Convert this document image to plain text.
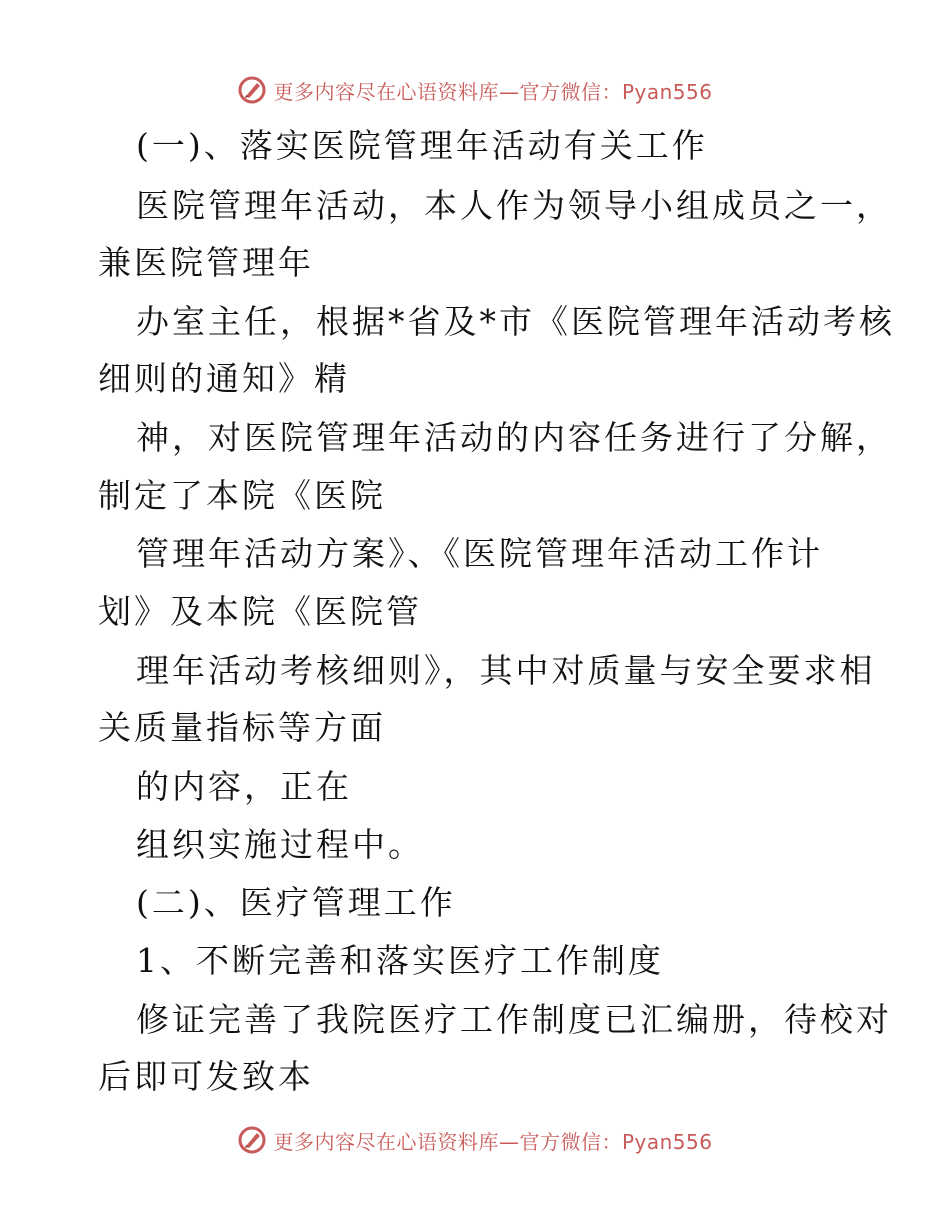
更多内容尽在心语资料库—官方微信：Pyan556
(一)、落实医院管理年活动有关工作
医院管理年活动，本人作为领导小组成员之一，
兼医院管理年
办室主任，根据*省及*市《医院管理年活动考核
细则的通知》精
神，对医院管理年活动的内容任务进行了分解，
制定了本院《医院
管理年活动方案》、《医院管理年活动工作计
划》及本院《医院管
理年活动考核细则》，其中对质量与安全要求相
关质量指标等方面
的内容，正在
组织实施过程中。
(二)、医疗管理工作
1、不断完善和落实医疗工作制度
修证完善了我院医疗工作制度已汇编册，待校对
后即可发致本
更多内容尽在心语资料库—官方微信：Pyan556
